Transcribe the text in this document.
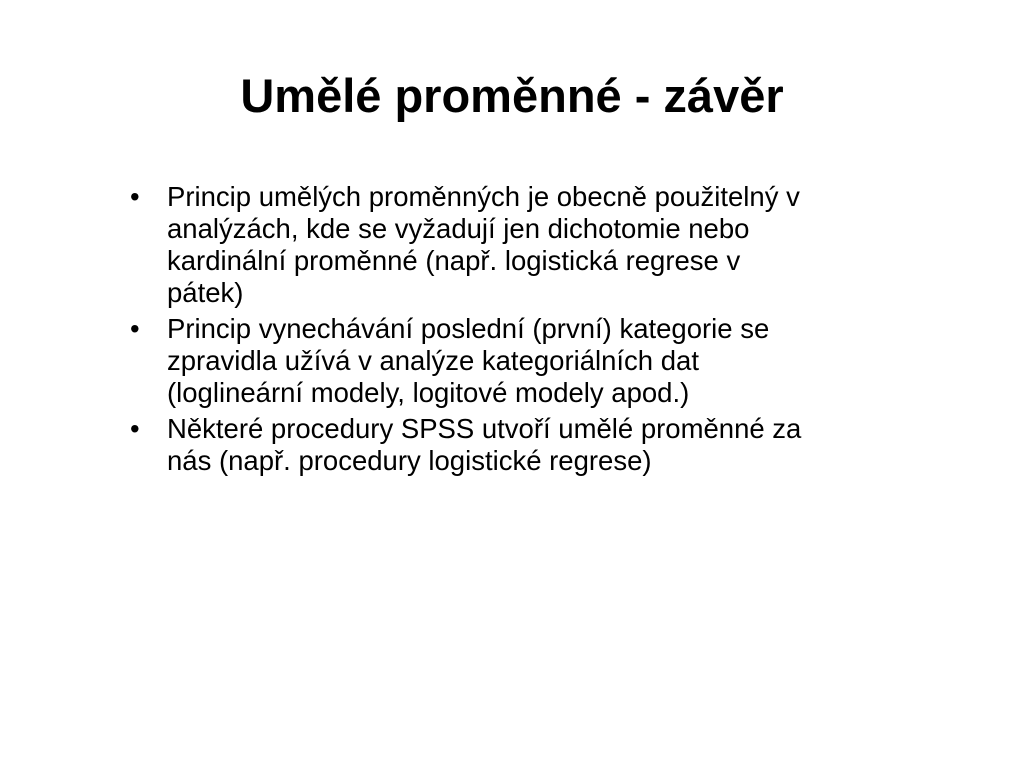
Umělé proměnné - závěr
• Princip umělých proměnných je obecně použitelný v
analýzách, kde se vyžadují jen dichotomie nebo
kardinální proměnné (např. logistická regrese v
pátek)
• Princip vynechávání poslední (první) kategorie se
zpravidla užívá v analýze kategoriálních dat
(loglineární modely, logitové modely apod.)
• Některé procedury SPSS utvoří umělé proměnné za
nás (např. procedury logistické regrese)
